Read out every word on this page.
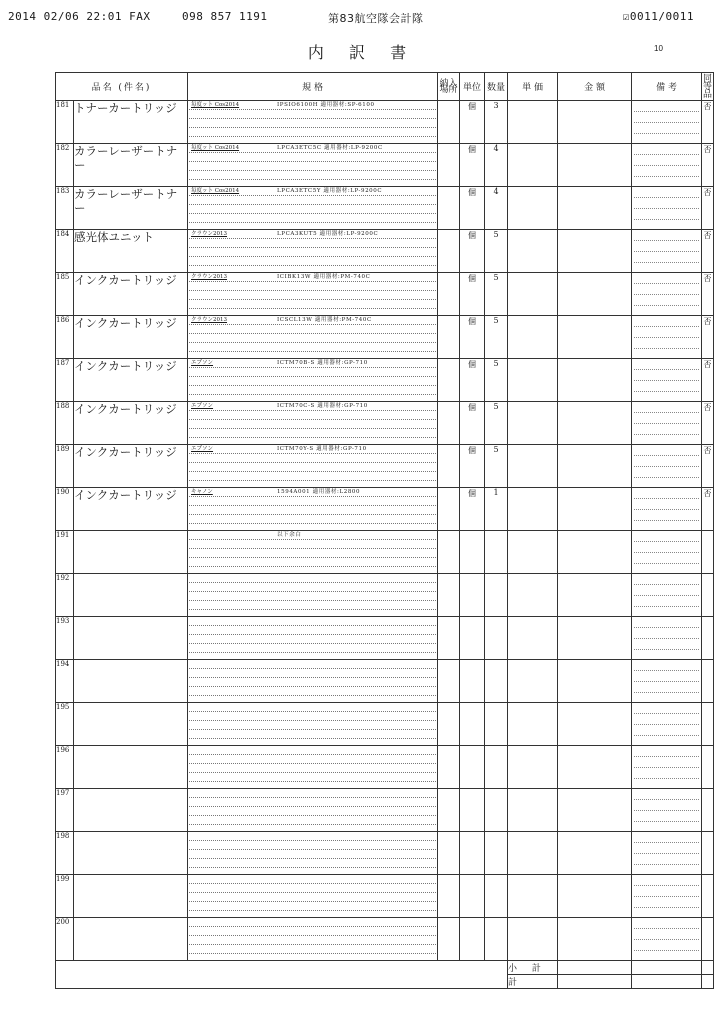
2014 02/06 22:01 FAX	098 857 1191	第83航空隊会計隊	☑0011/0011
内 訳 書	10
品名 (件名)		規 格	納入場所	単位	数量	単 価	金 額	備 考	同等品
181	トナーカートリッジ	毎度ット Cos2014 IPSIO6100H 適用器材:SP-6100		個	3				否
182	カラーレーザートナー	毎度ット Cos2014 LPCA3ETC5C 適用器材:LP-9200C		個	4				否
183	カラーレーザートナー	毎度ット Cos2014 LPCA3ETC5Y 適用器材:LP-9200C		個	4				否
184	感光体ユニット	クラウン2013 LPCA3KUT5 適用器材:LP-9200C		個	5				否
185	インクカートリッジ	クラウン2013 ICIBK13W 適用器材:PM-740C		個	5				否
186	インクカートリッジ	クラウン2013 ICSCL13W 適用器材:PM-740C		個	5				否
187	インクカートリッジ	エプソン ICTM70B-S 適用器材:GP-710		個	5				否
188	インクカートリッジ	エプソン ICTM70C-S 適用器材:GP-710		個	5				否
189	インクカートリッジ	エプソン ICTM70Y-S 適用器材:GP-710		個	5				否
190	インクカートリッジ	キャノン 1594A001 適用器材:L2800		個	1				否
191		以下余白							

192		

193		

194		

195		

196		

197		

198		

199		

200		

						小 計			
						計			
